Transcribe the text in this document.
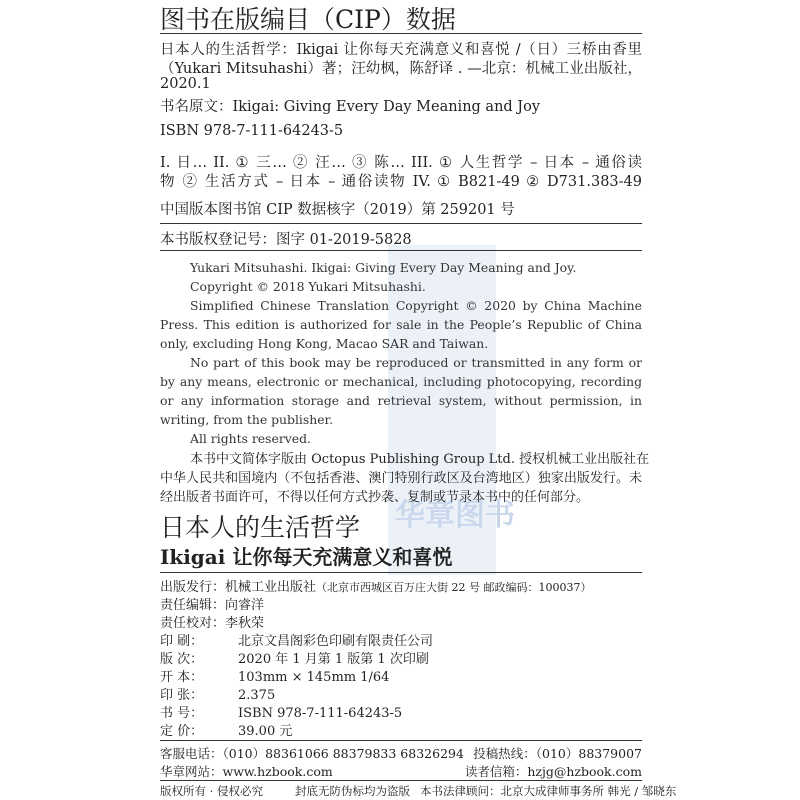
华章图书
图书在版编目（CIP）数据
日本人的生活哲学：Ikigai 让你每天充满意义和喜悦 /（日）三桥由香里
（Yukari Mitsuhashi）著；汪幼枫，陈舒译 . —北京：机械工业出版社，
2020.1
书名原文：Ikigai: Giving Every Day Meaning and Joy
ISBN 978-7-111-64243-5
I. 日… II. ① 三… ② 汪… ③ 陈… III. ① 人生哲学 – 日本 – 通俗读
物 ② 生活方式 – 日本 – 通俗读物 IV. ① B821-49 ② D731.383-49
中国版本图书馆 CIP 数据核字（2019）第 259201 号
本书版权登记号：图字 01-2019-5828
Yukari Mitsuhashi. Ikigai: Giving Every Day Meaning and Joy.
Copyright © 2018 Yukari Mitsuhashi.
Simplified Chinese Translation Copyright © 2020 by China Machine
Press. This edition is authorized for sale in the People’s Republic of China
only, excluding Hong Kong, Macao SAR and Taiwan.
No part of this book may be reproduced or transmitted in any form or
by any means, electronic or mechanical, including photocopying, recording
or any information storage and retrieval system, without permission, in
writing, from the publisher.
All rights reserved.
本书中文简体字版由 Octopus Publishing Group Ltd. 授权机械工业出版社在
中华人民共和国境内（不包括香港、澳门特别行政区及台湾地区）独家出版发行。未
经出版者书面许可，不得以任何方式抄袭、复制或节录本书中的任何部分。
日本人的生活哲学
Ikigai 让你每天充满意义和喜悦
出版发行：机械工业出版社（北京市西城区百万庄大街 22 号 邮政编码：100037）
责任编辑：向睿洋
责任校对：李秋荣
印 刷：	北京文昌阁彩色印刷有限责任公司
版 次：	2020 年 1 月第 1 版第 1 次印刷
开 本：	103mm × 145mm 1/64
印 张：	2.375
书 号：	ISBN 978-7-111-64243-5
定 价：	39.00 元
客服电话：（010）88361066 88379833 68326294 投稿热线：（010）88379007
华章网站：www.hzbook.com	读者信箱：hzjg@hzbook.com
版权所有 · 侵权必究	封底无防伪标均为盗版 本书法律顾问：北京大成律师事务所 韩光 / 邹晓东
